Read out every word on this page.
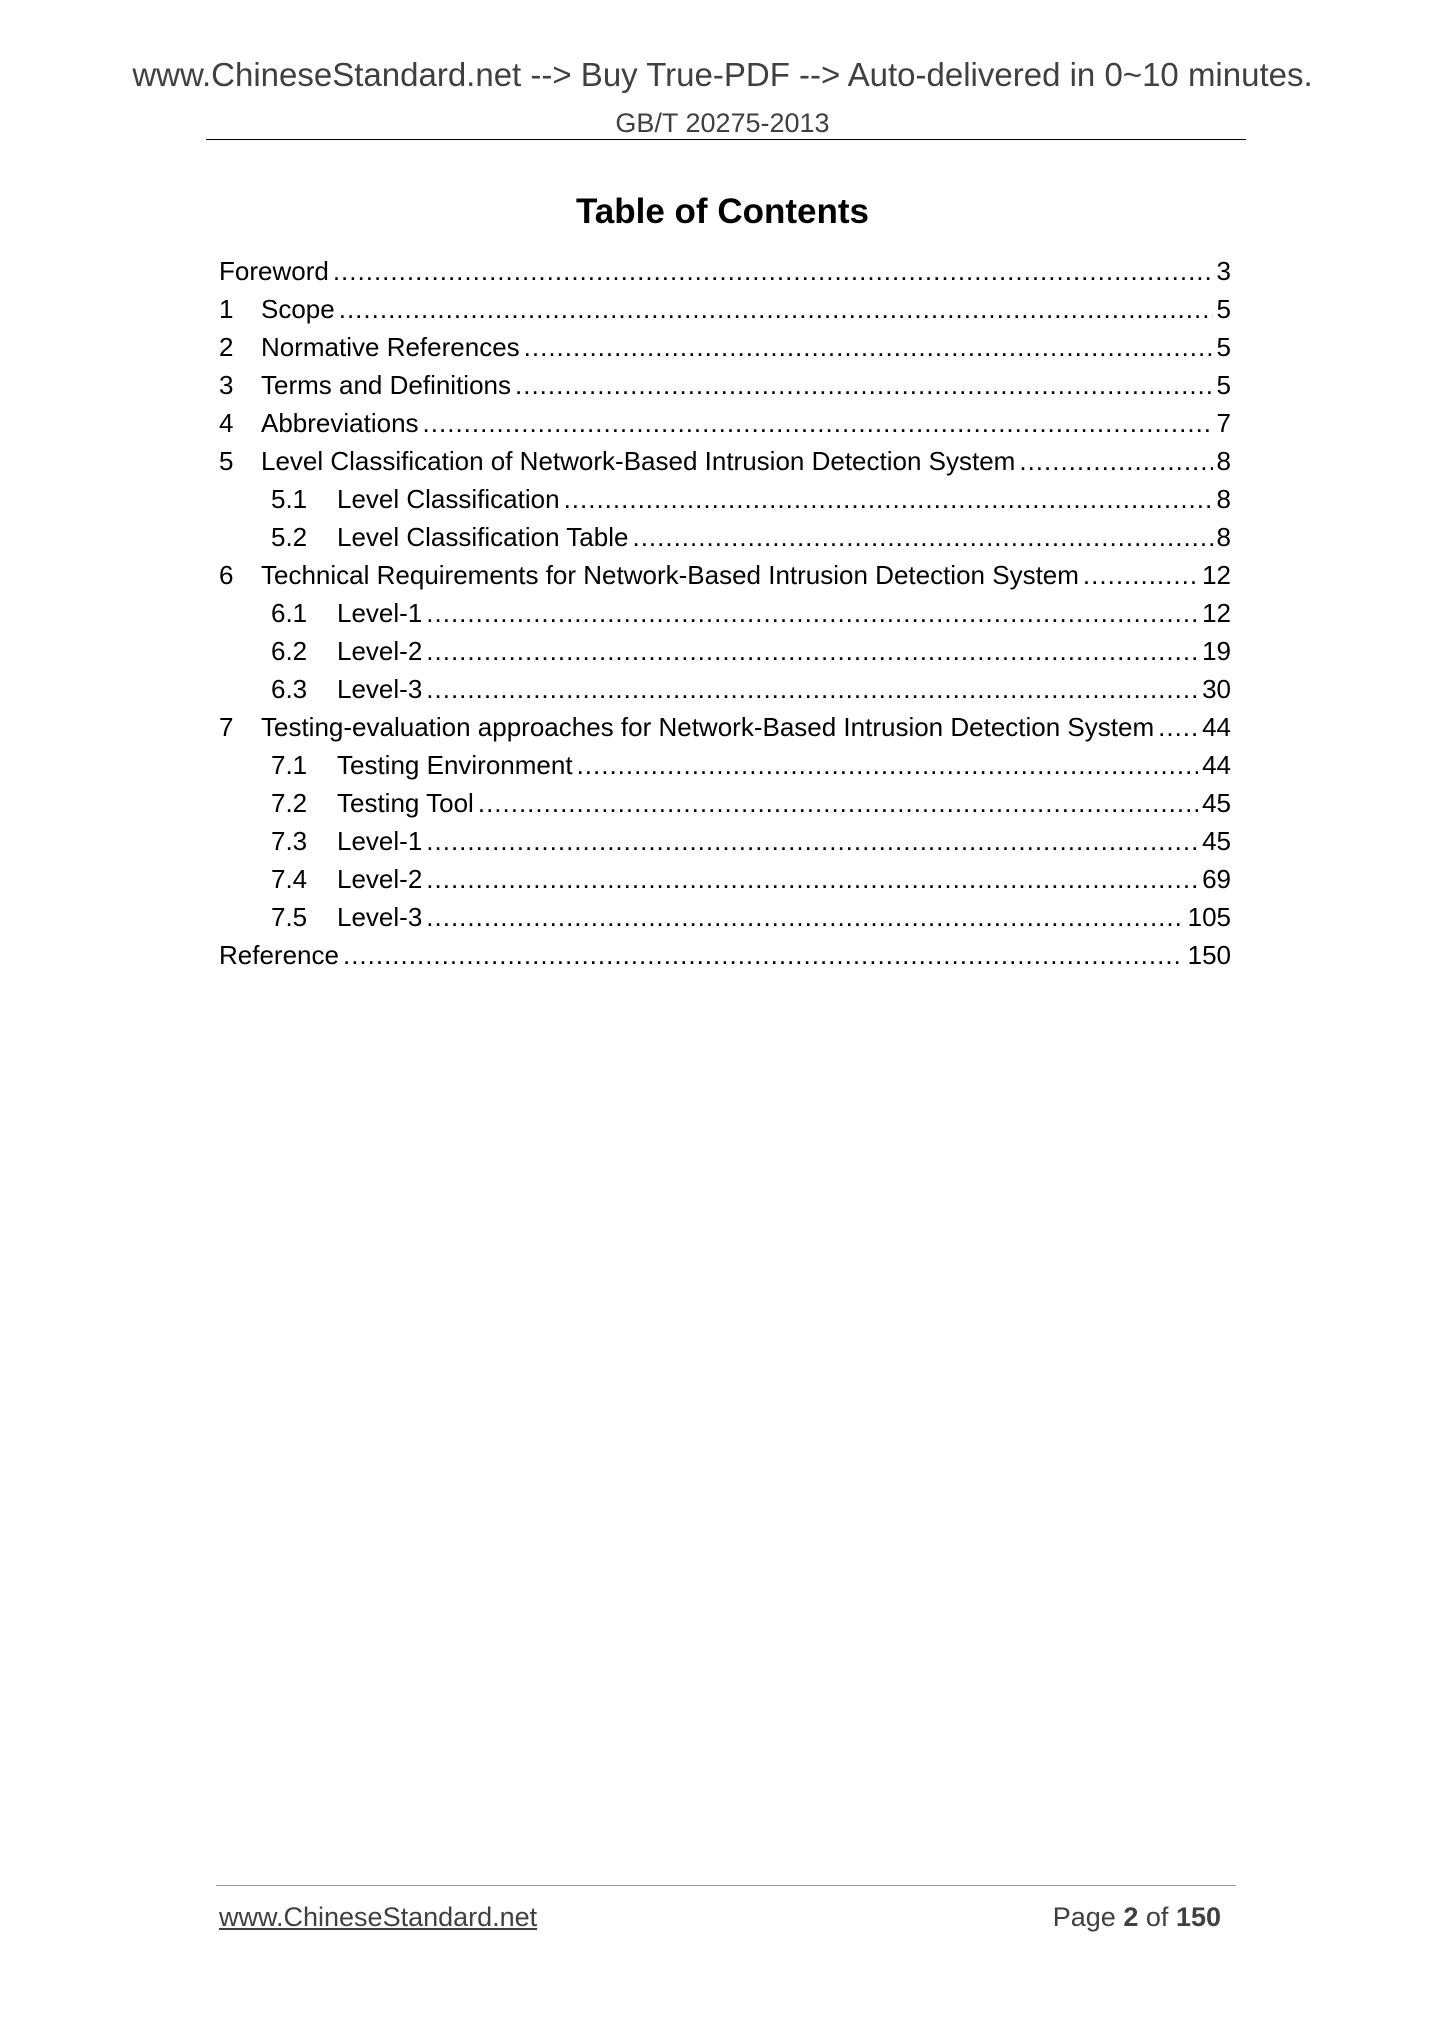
www.ChineseStandard.net --> Buy True-PDF --> Auto-delivered in 0~10 minutes.
GB/T 20275-2013
Table of Contents
Foreword .....	3
1	Scope .....	5
2	Normative References .....	5
3	Terms and Definitions .....	5
4	Abbreviations .....	7
5	Level Classification of Network-Based Intrusion Detection System .....	8
5.1	Level Classification .....	8
5.2	Level Classification Table .....	8
6	Technical Requirements for Network-Based Intrusion Detection System .....	12
6.1	Level-1 .....	12
6.2	Level-2 .....	19
6.3	Level-3 .....	30
7	Testing-evaluation approaches for Network-Based Intrusion Detection System ..... 44
7.1	Testing Environment .....	44
7.2	Testing Tool .....	45
7.3	Level-1 .....	45
7.4	Level-2 .....	69
7.5	Level-3 .....	105
Reference .....	150
www.ChineseStandard.net	Page 2 of 150
